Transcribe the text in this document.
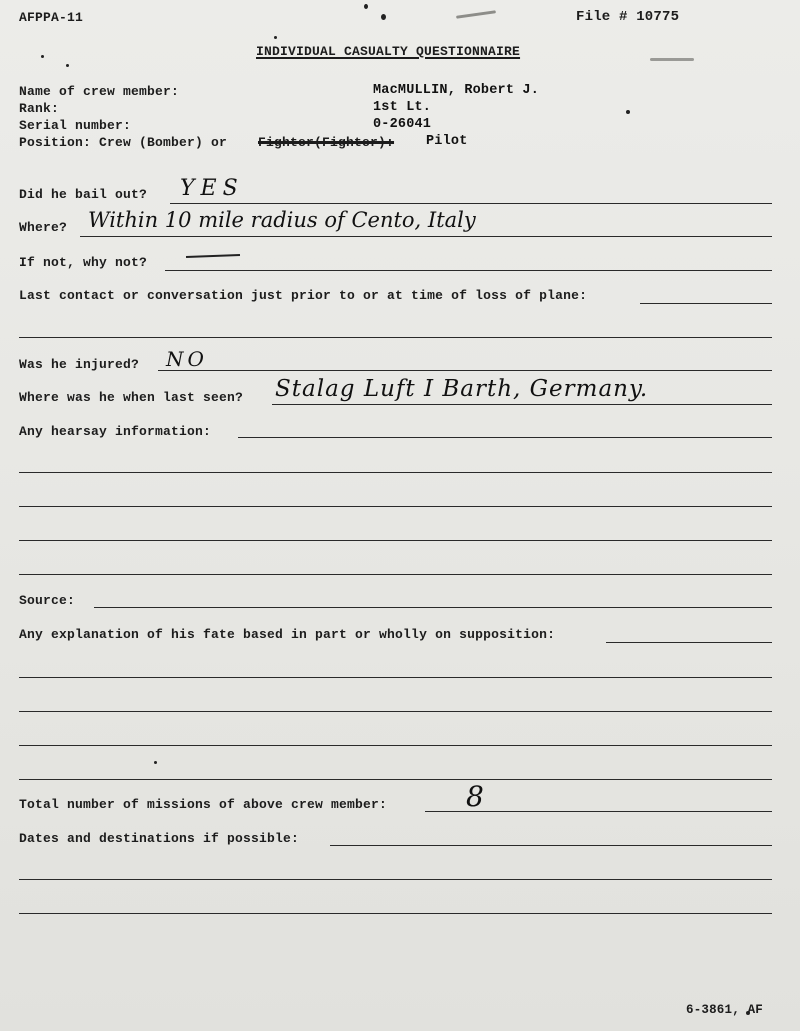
AFPPA-11	File # 10775
INDIVIDUAL CASUALTY QUESTIONNAIRE
Name of crew member:	MacMULLIN, Robert J.
Rank:	1st Lt.
Serial number:	0-26041
Position: Crew (Bomber) or Fighter(Fighter): Pilot
Did he bail out? YES
Where? Within 10 mile radius of Cento, Italy
If not, why not?
Last contact or conversation just prior to or at time of loss of plane:
Was he injured? NO
Where was he when last seen? Stalag Luft I Barth, Germany.
Any hearsay information:
Source:
Any explanation of his fate based in part or wholly on supposition:
Total number of missions of above crew member:	8
Dates and destinations if possible:
6-3861, AF
